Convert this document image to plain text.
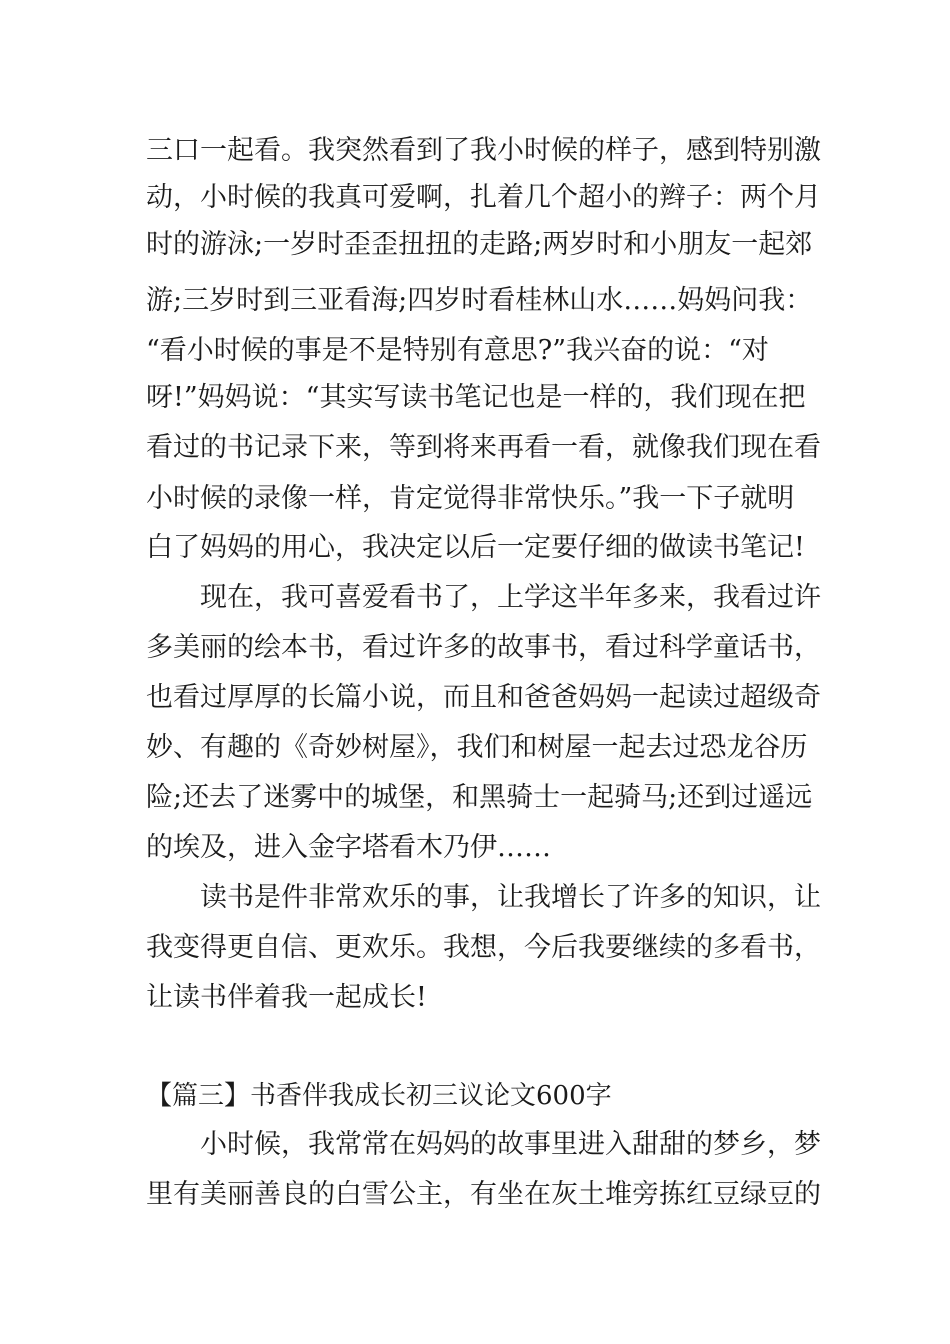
三口一起看。我突然看到了我小时候的样子，感到特别激
动，小时候的我真可爱啊，扎着几个超小的辫子：两个月
时的游泳;一岁时歪歪扭扭的走路;两岁时和小朋友一起郊
游;三岁时到三亚看海;四岁时看桂林山水……妈妈问我：
“看小时候的事是不是特别有意思?”我兴奋的说：“对
呀!”妈妈说：“其实写读书笔记也是一样的，我们现在把
看过的书记录下来，等到将来再看一看，就像我们现在看
小时候的录像一样，肯定觉得非常快乐。”我一下子就明
白了妈妈的用心，我决定以后一定要仔细的做读书笔记!
现在，我可喜爱看书了，上学这半年多来，我看过许
多美丽的绘本书，看过许多的故事书，看过科学童话书，
也看过厚厚的长篇小说，而且和爸爸妈妈一起读过超级奇
妙、有趣的《奇妙树屋》，我们和树屋一起去过恐龙谷历
险;还去了迷雾中的城堡，和黑骑士一起骑马;还到过遥远
的埃及，进入金字塔看木乃伊……
读书是件非常欢乐的事，让我增长了许多的知识，让
我变得更自信、更欢乐。我想，今后我要继续的多看书，
让读书伴着我一起成长!
【篇三】书香伴我成长初三议论文600字
小时候，我常常在妈妈的故事里进入甜甜的梦乡，梦
里有美丽善良的白雪公主，有坐在灰土堆旁拣红豆绿豆的
